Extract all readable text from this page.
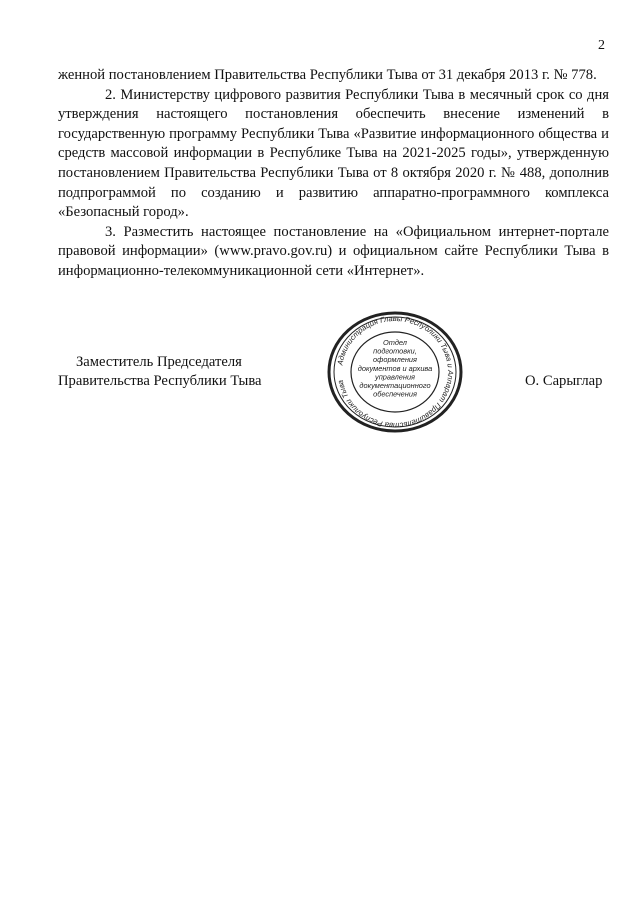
2

женной постановлением Правительства Республики Тыва от 31 декабря 2013 г. № 778.

2. Министерству цифрового развития Республики Тыва в месячный срок со дня утверждения настоящего постановления обеспечить внесение изменений в государственную программу Республики Тыва «Развитие информационного общества и средств массовой информации в Республике Тыва на 2021-2025 годы», утвержденную постановлением Правительства Республики Тыва от 8 октября 2020 г. № 488, дополнив подпрограммой по созданию и развитию аппаратно-программного комплекса «Безопасный город».

3. Разместить настоящее постановление на «Официальном интернет-портале правовой информации» (www.pravo.gov.ru) и официальном сайте Республики Тыва в информационно-телекоммуникационной сети «Интернет».

Заместитель Председателя
Правительства Республики Тыва	О. Сарыглар
Администрация Главы Республики Тыва и Аппарат Правительства Республики Тыва
Отдел
подготовки,
оформления
документов и архива
управления
документационного
обеспечения
